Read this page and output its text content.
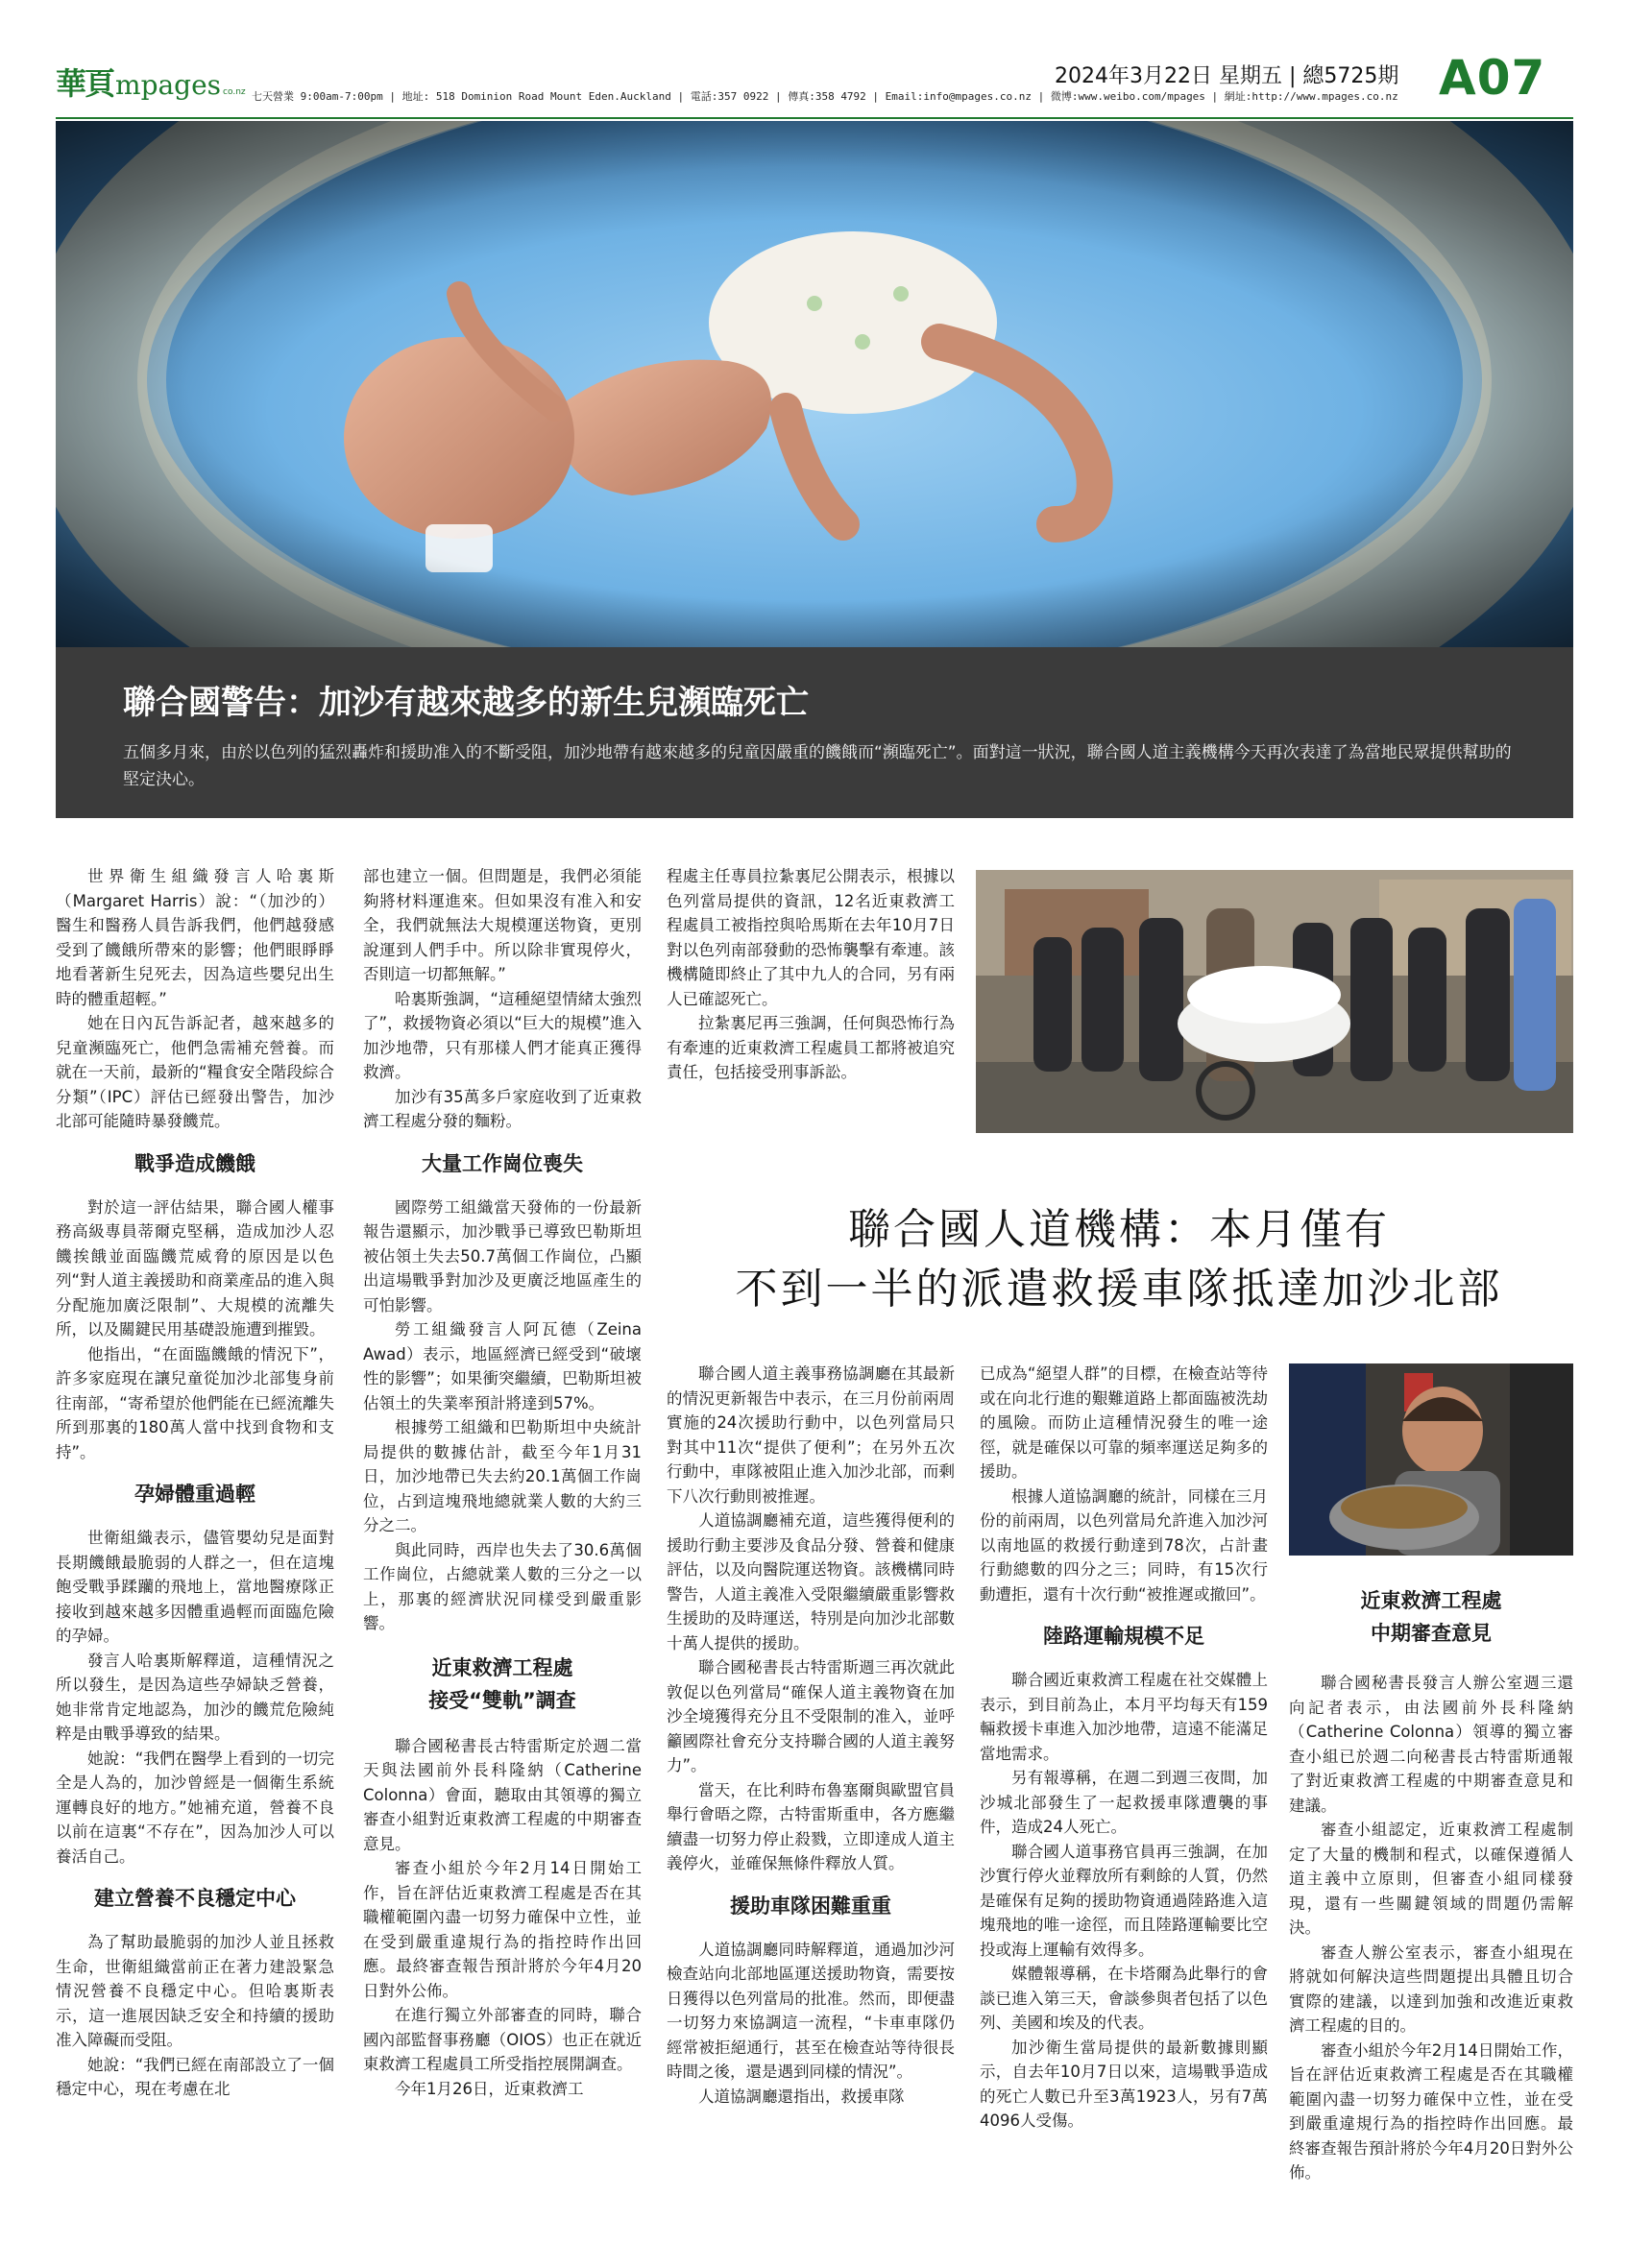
華頁 mpages co.nz 七天營業 9:00am-7:00pm | 地址: 518 Dominion Road Mount Eden.Auckland | 電話:357 0922 | 傳真:358 4792 | Email:info@mpages.co.nz | 微博:www.weibo.com/mpages | 網址:http://www.mpages.co.nz
2024年3月22日 星期五 | 總5725期 A07
聯合國警告：加沙有越來越多的新生兒瀕臨死亡
五個多月來，由於以色列的猛烈轟炸和援助准入的不斷受阻，加沙地帶有越來越多的兒童因嚴重的饑餓而“瀕臨死亡”。面對這一狀況，聯合國人道主義機構今天再次表達了為當地民眾提供幫助的堅定決心。

世界衛生組織發言人哈裏斯（Margaret Harris）說：“（加沙的）醫生和醫務人員告訴我們，他們越發感受到了饑餓所帶來的影響；他們眼睜睜地看著新生兒死去，因為這些嬰兒出生時的體重超輕。”

她在日內瓦告訴記者，越來越多的兒童瀕臨死亡，他們急需補充營養。而就在一天前，最新的“糧食安全階段綜合分類”（IPC）評估已經發出警告，加沙北部可能隨時暴發饑荒。

戰爭造成饑餓

對於這一評估結果，聯合國人權事務高級專員蒂爾克堅稱，造成加沙人忍饑挨餓並面臨饑荒威脅的原因是以色列“對人道主義援助和商業產品的進入與分配施加廣泛限制”、大規模的流離失所，以及關鍵民用基礎設施遭到摧毀。

他指出，“在面臨饑餓的情況下”，許多家庭現在讓兒童從加沙北部隻身前往南部，“寄希望於他們能在已經流離失所到那裏的180萬人當中找到食物和支持”。

孕婦體重過輕

世衛組織表示，儘管嬰幼兒是面對長期饑餓最脆弱的人群之一，但在這塊飽受戰爭蹂躪的飛地上，當地醫療隊正接收到越來越多因體重過輕而面臨危險的孕婦。

發言人哈裏斯解釋道，這種情況之所以發生，是因為這些孕婦缺乏營養，她非常肯定地認為，加沙的饑荒危險純粹是由戰爭導致的結果。

她說：“我們在醫學上看到的一切完全是人為的，加沙曾經是一個衛生系統運轉良好的地方。”她補充道，營養不良以前在這裏“不存在”，因為加沙人可以養活自己。

建立營養不良穩定中心

為了幫助最脆弱的加沙人並且拯救生命，世衛組織當前正在著力建設緊急情況營養不良穩定中心。但哈裏斯表示，這一進展因缺乏安全和持續的援助准入障礙而受阻。

她說：“我們已經在南部設立了一個穩定中心，現在考慮在北

部也建立一個。但問題是，我們必須能夠將材料運進來。但如果沒有准入和安全，我們就無法大規模運送物資，更別說運到人們手中。所以除非實現停火，否則這一切都無解。”

哈裏斯強調，“這種絕望情緒太強烈了”，救援物資必須以“巨大的規模”進入加沙地帶，只有那樣人們才能真正獲得救濟。

加沙有35萬多戶家庭收到了近東救濟工程處分發的麵粉。

大量工作崗位喪失

國際勞工組織當天發佈的一份最新報告還顯示，加沙戰爭已導致巴勒斯坦被佔領土失去50.7萬個工作崗位，凸顯出這場戰爭對加沙及更廣泛地區產生的可怕影響。

勞工組織發言人阿瓦德（Zeina Awad）表示，地區經濟已經受到“破壞性的影響”；如果衝突繼續，巴勒斯坦被佔領土的失業率預計將達到57%。

根據勞工組織和巴勒斯坦中央統計局提供的數據估計，截至今年1月31日，加沙地帶已失去約20.1萬個工作崗位，占到這塊飛地總就業人數的大約三分之二。

與此同時，西岸也失去了30.6萬個工作崗位，占總就業人數的三分之一以上，那裏的經濟狀況同樣受到嚴重影響。

近東救濟工程處
接受“雙軌”調查

聯合國秘書長古特雷斯定於週二當天與法國前外長科隆納（Catherine Colonna）會面，聽取由其領導的獨立審查小組對近東救濟工程處的中期審查意見。

審查小組於今年2月14日開始工作，旨在評估近東救濟工程處是否在其職權範圍內盡一切努力確保中立性，並在受到嚴重違規行為的指控時作出回應。最終審查報告預計將於今年4月20日對外公佈。

在進行獨立外部審查的同時，聯合國內部監督事務廳（OIOS）也正在就近東救濟工程處員工所受指控展開調查。

今年1月26日，近東救濟工

程處主任專員拉紮裏尼公開表示，根據以色列當局提供的資訊，12名近東救濟工程處員工被指控與哈馬斯在去年10月7日對以色列南部發動的恐怖襲擊有牽連。該機構隨即終止了其中九人的合同，另有兩人已確認死亡。

拉紮裏尼再三強調，任何與恐怖行為有牽連的近東救濟工程處員工都將被追究責任，包括接受刑事訴訟。

聯合國人道機構：本月僅有
不到一半的派遣救援車隊抵達加沙北部

聯合國人道主義事務協調廳在其最新的情況更新報告中表示，在三月份前兩周實施的24次援助行動中，以色列當局只對其中11次“提供了便利”；在另外五次行動中，車隊被阻止進入加沙北部，而剩下八次行動則被推遲。

人道協調廳補充道，這些獲得便利的援助行動主要涉及食品分發、營養和健康評估，以及向醫院運送物資。該機構同時警告，人道主義准入受限繼續嚴重影響救生援助的及時運送，特別是向加沙北部數十萬人提供的援助。

聯合國秘書長古特雷斯週三再次就此敦促以色列當局“確保人道主義物資在加沙全境獲得充分且不受限制的准入，並呼籲國際社會充分支持聯合國的人道主義努力”。

當天，在比利時布魯塞爾與歐盟官員舉行會晤之際，古特雷斯重申，各方應繼續盡一切努力停止殺戮，立即達成人道主義停火，並確保無條件釋放人質。

援助車隊困難重重

人道協調廳同時解釋道，通過加沙河檢查站向北部地區運送援助物資，需要按日獲得以色列當局的批准。然而，即便盡一切努力來協調這一流程，“卡車車隊仍經常被拒絕通行，甚至在檢查站等待很長時間之後，還是遇到同樣的情況”。

人道協調廳還指出，救援車隊

已成為“絕望人群”的目標，在檢查站等待或在向北行進的艱難道路上都面臨被洗劫的風險。而防止這種情況發生的唯一途徑，就是確保以可靠的頻率運送足夠多的援助。

根據人道協調廳的統計，同樣在三月份的前兩周，以色列當局允許進入加沙河以南地區的救援行動達到78次，占計畫行動總數的四分之三；同時，有15次行動遭拒，還有十次行動“被推遲或撤回”。

陸路運輸規模不足

聯合國近東救濟工程處在社交媒體上表示，到目前為止，本月平均每天有159輛救援卡車進入加沙地帶，這遠不能滿足當地需求。

另有報導稱，在週二到週三夜間，加沙城北部發生了一起救援車隊遭襲的事件，造成24人死亡。

聯合國人道事務官員再三強調，在加沙實行停火並釋放所有剩餘的人質，仍然是確保有足夠的援助物資通過陸路進入這塊飛地的唯一途徑，而且陸路運輸要比空投或海上運輸有效得多。

媒體報導稱，在卡塔爾為此舉行的會談已進入第三天，會談參與者包括了以色列、美國和埃及的代表。

加沙衛生當局提供的最新數據則顯示，自去年10月7日以來，這場戰爭造成的死亡人數已升至3萬1923人，另有7萬4096人受傷。

近東救濟工程處
中期審查意見

聯合國秘書長發言人辦公室週三還向記者表示，由法國前外長科隆納（Catherine Colonna）領導的獨立審查小組已於週二向秘書長古特雷斯通報了對近東救濟工程處的中期審查意見和建議。

審查小組認定，近東救濟工程處制定了大量的機制和程式，以確保遵循人道主義中立原則，但審查小組同樣發現，還有一些關鍵領域的問題仍需解決。

審查人辦公室表示，審查小組現在將就如何解決這些問題提出具體且切合實際的建議，以達到加強和改進近東救濟工程處的目的。

審查小組於今年2月14日開始工作，旨在評估近東救濟工程處是否在其職權範圍內盡一切努力確保中立性，並在受到嚴重違規行為的指控時作出回應。最終審查報告預計將於今年4月20日對外公佈。
